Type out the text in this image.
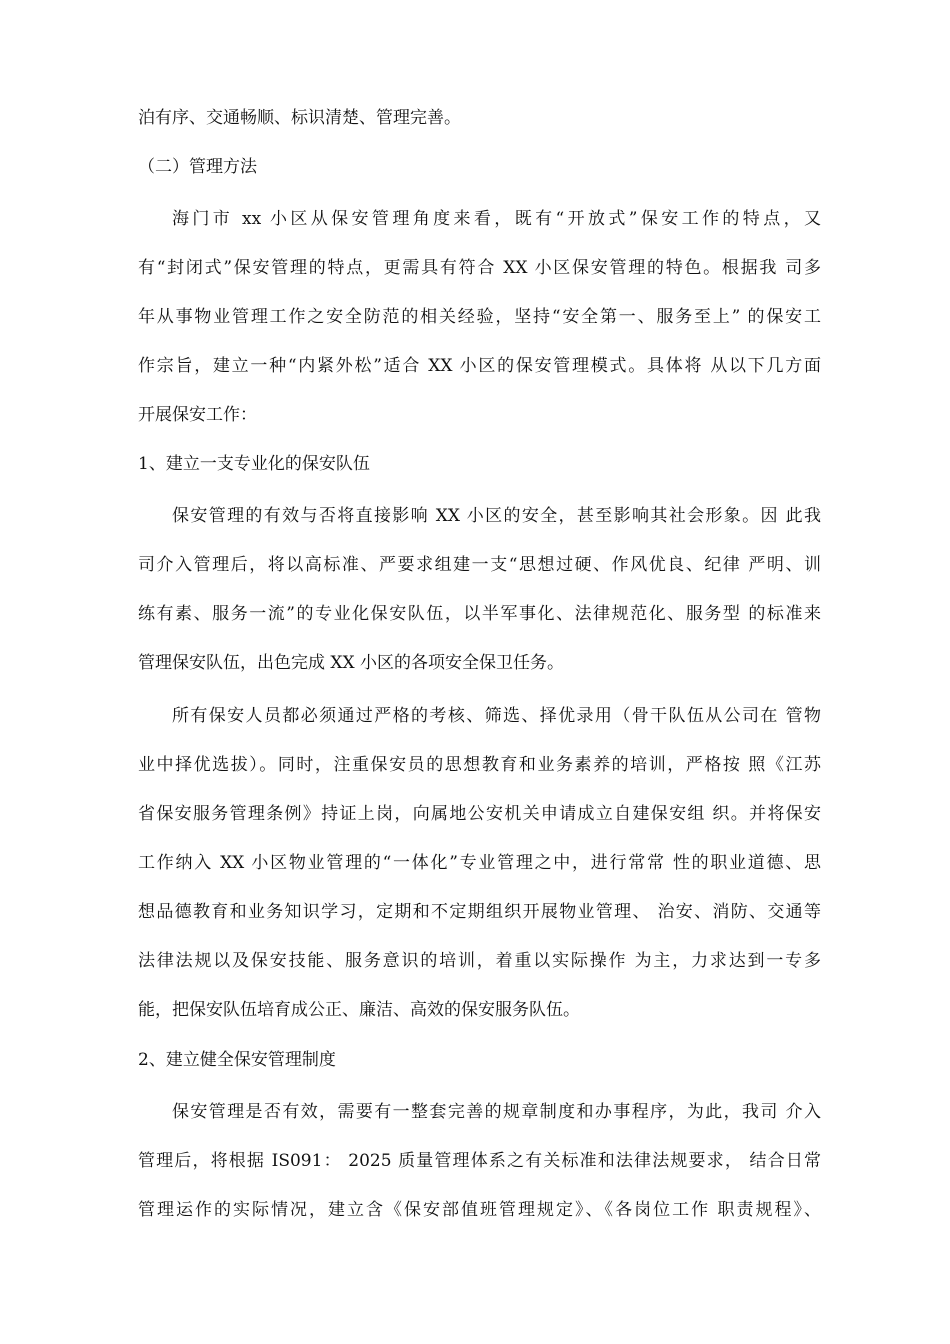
泊有序、交通畅顺、标识清楚、管理完善。
（二）管理方法
海门市 xx 小区从保安管理角度来看，既有“开放式”保安工作的特点，又
有“封闭式”保安管理的特点，更需具有符合 XX 小区保安管理的特色。根据我 司多
年从事物业管理工作之安全防范的相关经验，坚持“安全第一、服务至上” 的保安工
作宗旨，建立一种“内紧外松”适合 XX 小区的保安管理模式。具体将 从以下几方面
开展保安工作：
1、建立一支专业化的保安队伍
保安管理的有效与否将直接影响 XX 小区的安全，甚至影响其社会形象。因 此我
司介入管理后，将以高标准、严要求组建一支“思想过硬、作风优良、纪律 严明、训
练有素、服务一流”的专业化保安队伍，以半军事化、法律规范化、服务型 的标准来
管理保安队伍，出色完成 XX 小区的各项安全保卫任务。
所有保安人员都必须通过严格的考核、筛选、择优录用（骨干队伍从公司在 管物
业中择优选拔）。同时，注重保安员的思想教育和业务素养的培训，严格按 照《江苏
省保安服务管理条例》持证上岗，向属地公安机关申请成立自建保安组 织。并将保安
工作纳入 XX 小区物业管理的“一体化”专业管理之中，进行常常 性的职业道德、思
想品德教育和业务知识学习，定期和不定期组织开展物业管理、 治安、消防、交通等
法律法规以及保安技能、服务意识的培训，着重以实际操作 为主，力求达到一专多
能，把保安队伍培育成公正、廉洁、高效的保安服务队伍。
2、建立健全保安管理制度
保安管理是否有效，需要有一整套完善的规章制度和办事程序，为此，我司 介入
管理后，将根据 IS091： 2025 质量管理体系之有关标准和法律法规要求， 结合日常
管理运作的实际情况，建立含《保安部值班管理规定》、《各岗位工作 职责规程》、
